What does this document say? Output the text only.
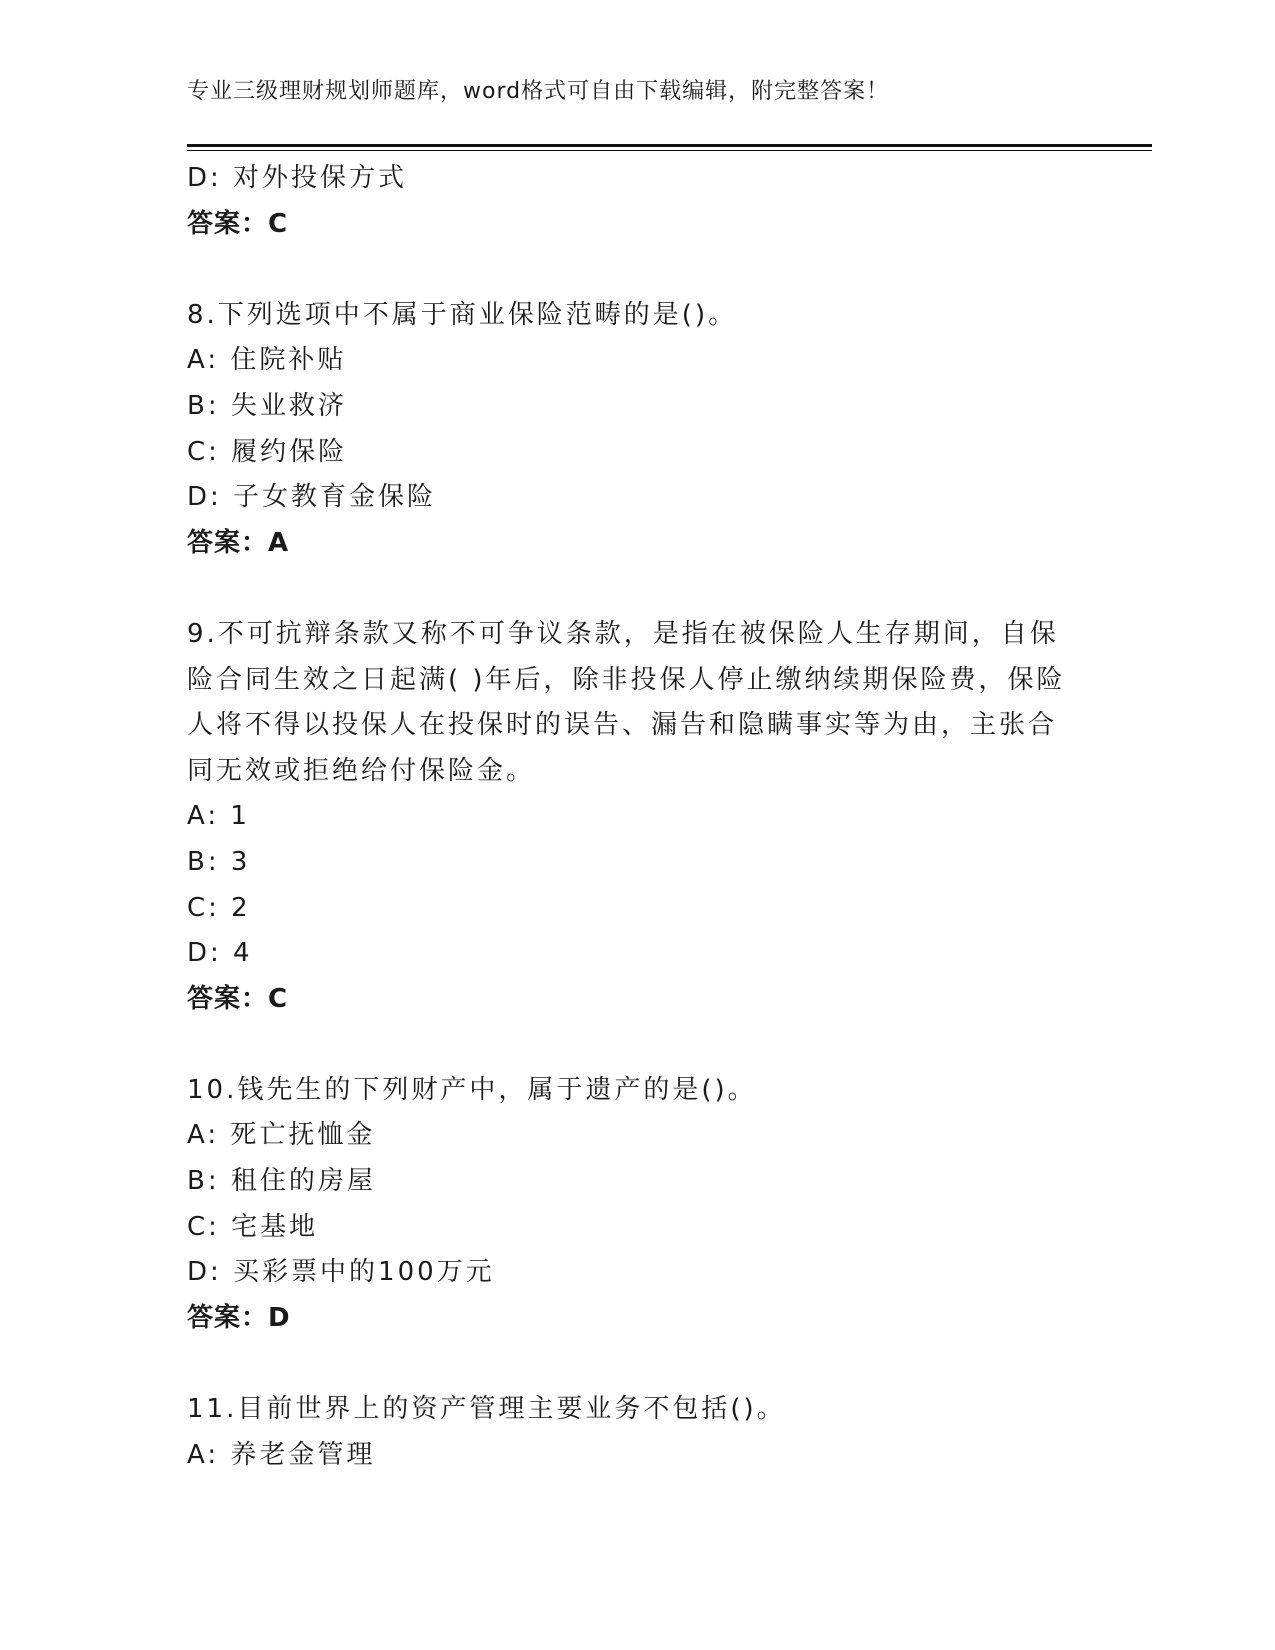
专业三级理财规划师题库，word格式可自由下载编辑，附完整答案！
D: 对外投保方式
答案：C
8.下列选项中不属于商业保险范畴的是()。
A: 住院补贴
B: 失业救济
C: 履约保险
D: 子女教育金保险
答案：A
9.不可抗辩条款又称不可争议条款，是指在被保险人生存期间，自保
险合同生效之日起满( )年后，除非投保人停止缴纳续期保险费，保险
人将不得以投保人在投保时的误告、漏告和隐瞒事实等为由，主张合
同无效或拒绝给付保险金。
A: 1
B: 3
C: 2
D: 4
答案：C
10.钱先生的下列财产中，属于遗产的是()。
A: 死亡抚恤金
B: 租住的房屋
C: 宅基地
D: 买彩票中的100万元
答案：D
11.目前世界上的资产管理主要业务不包括()。
A: 养老金管理
